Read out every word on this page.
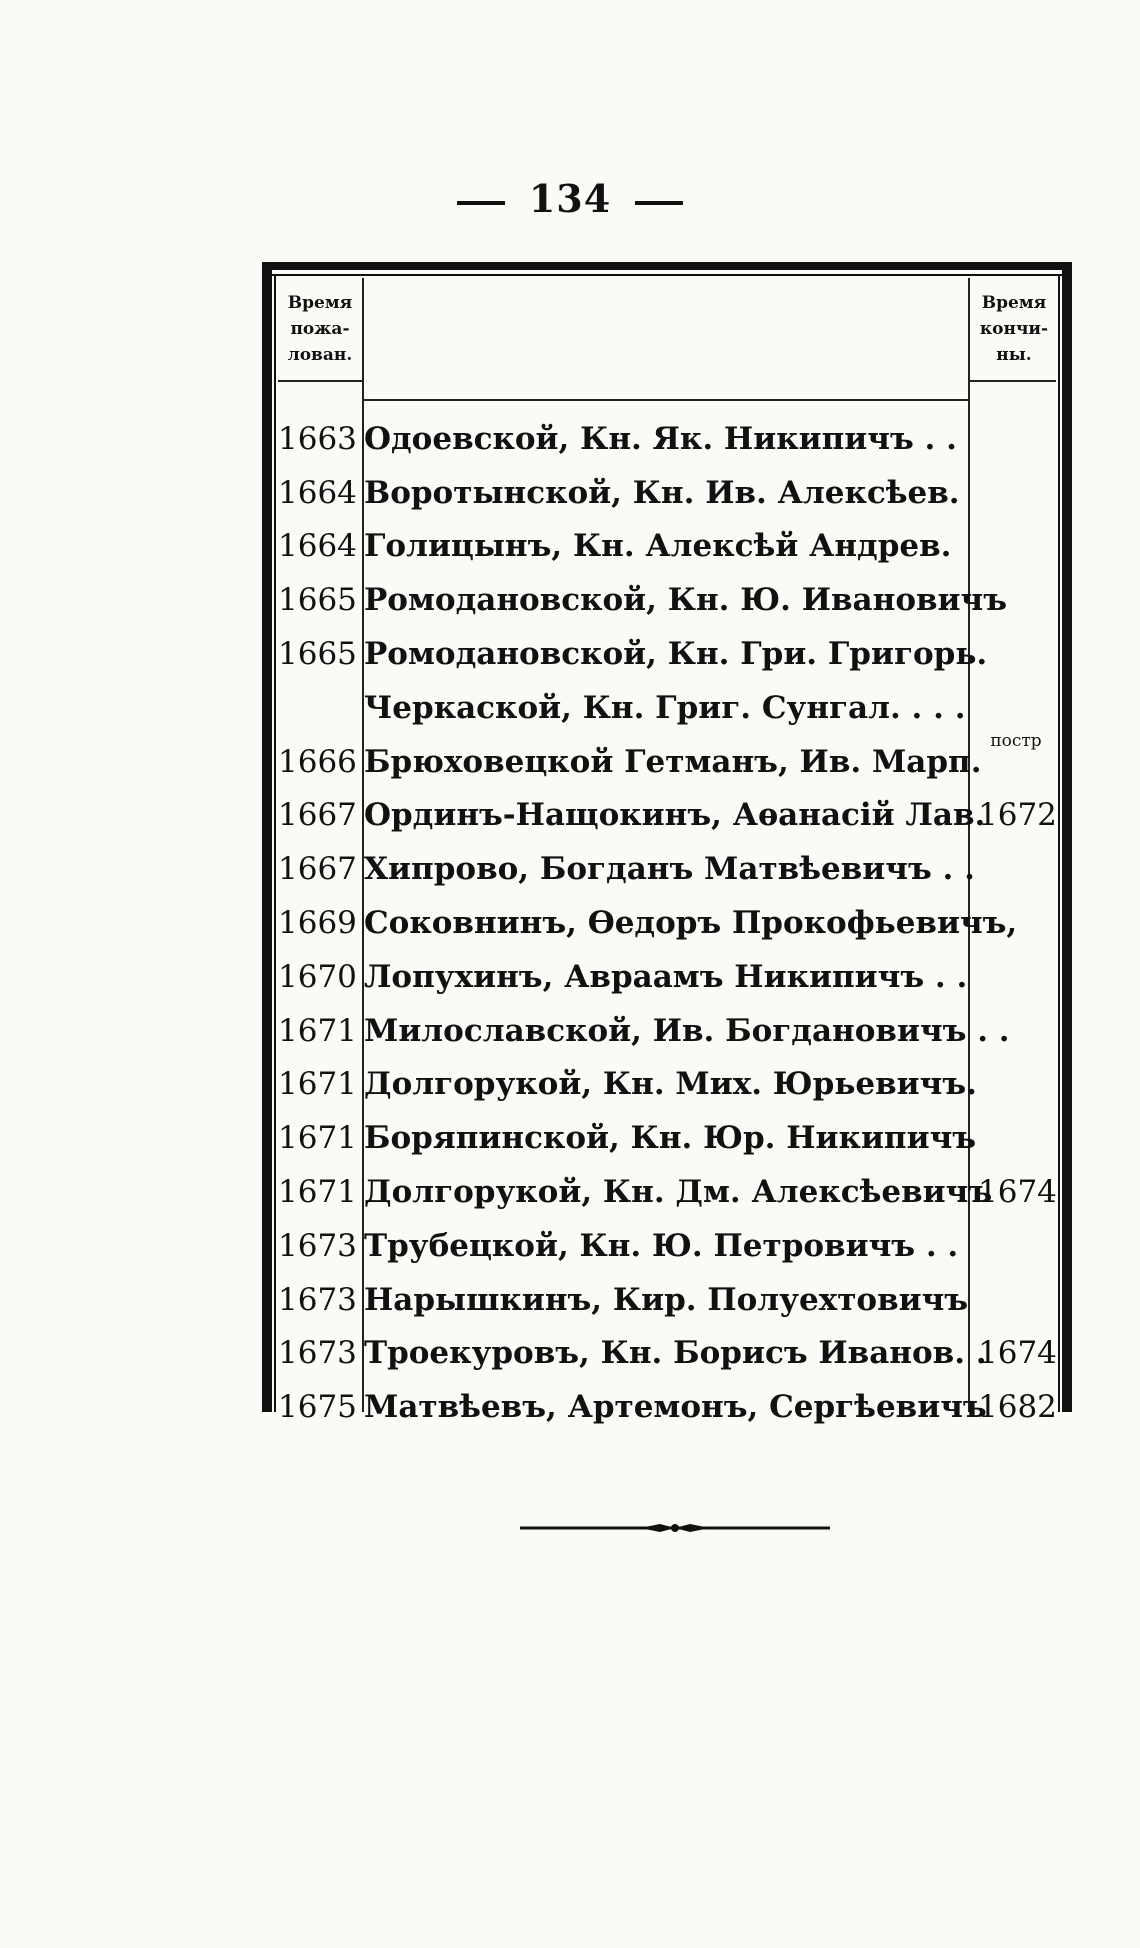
134
Время пожа-лован.
Время кончи-ны.
1663 Одоевской, Кн. Як. Никипичъ . .
1664 Воротынской, Кн. Ив. Алексѣев.
1664 Голицынъ, Кн. Алексѣй Андрев.
1665 Ромодановской, Кн. Ю. Ивановичъ
1665 Ромодановской, Кн. Гри. Григорь.
Черкаской, Кн. Григ. Сунгал. . . .
1666 Брюховецкой Гетманъ, Ив. Марп.
постр
1667 Ординъ-Нащокинъ, Аѳанасій Лав.
1672
1667 Хипрово, Богданъ Матвѣевичъ . .
1669 Соковнинъ, Ѳедоръ Прокофьевичъ,
1670 Лопухинъ, Авраамъ Никипичъ . .
1671 Милославской, Ив. Богдановичъ . .
1671 Долгорукой, Кн. Мих. Юрьевичъ.
1671 Боряпинской, Кн. Юр. Никипичъ
1671 Долгорукой, Кн. Дм. Алексѣевичъ
1674
1673 Трубецкой, Кн. Ю. Петровичъ . .
1673 Нарышкинъ, Кир. Полуехтовичъ
1673 Троекуровъ, Кн. Борисъ Иванов. .
1674
1675 Матвѣевъ, Артемонъ, Сергѣевичъ
1682
